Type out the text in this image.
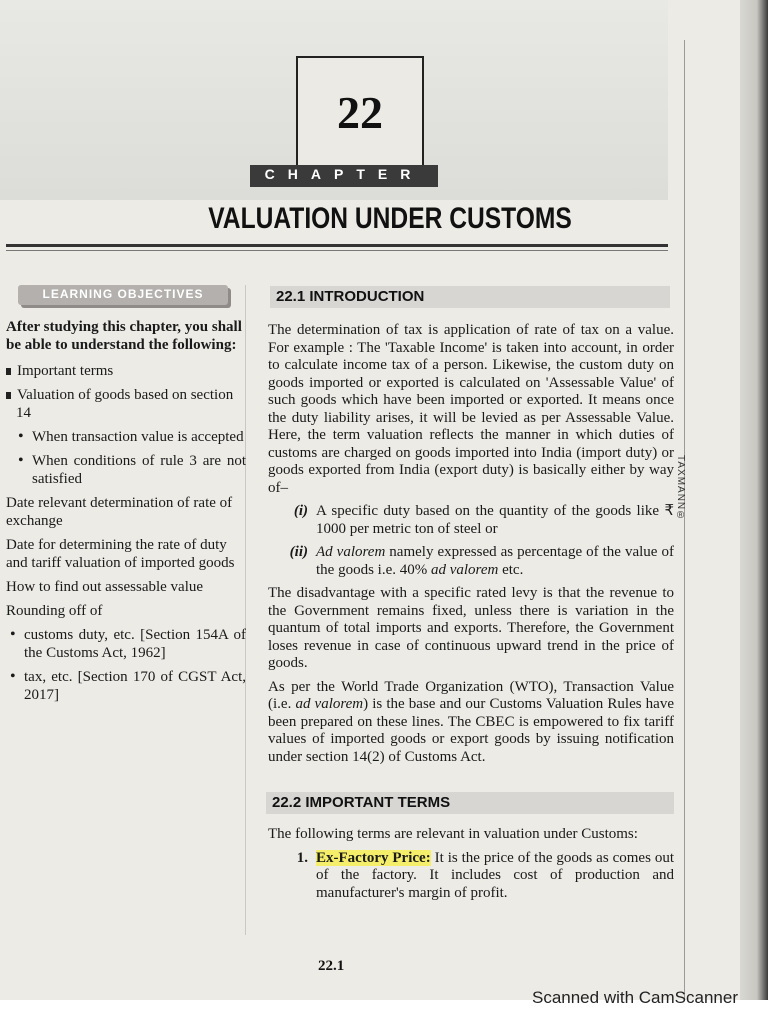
22
CHAPTER
VALUATION UNDER CUSTOMS
LEARNING OBJECTIVES
After studying this chapter, you shall be able to understand the following:
Important terms
Valuation of goods based on section 14
• When transaction value is accepted
• When conditions of rule 3 are not satisfied
Date relevant determination of rate of exchange
Date for determining the rate of duty and tariff valuation of imported goods
How to find out assessable value
Rounding off of
• customs duty, etc. [Section 154A of the Customs Act, 1962]
• tax, etc. [Section 170 of CGST Act, 2017]
22.1 INTRODUCTION

The determination of tax is application of rate of tax on a value. For example : The 'Taxable Income' is taken into account, in order to calculate income tax of a person. Likewise, the custom duty on goods imported or exported is calculated on 'Assessable Value' of such goods which have been imported or exported. It means once the duty liability arises, it will be levied as per Assessable Value. Here, the term valuation reflects the manner in which duties of customs are charged on goods imported into India (import duty) or goods exported from India (export duty) is basically either by way of–

(i) A specific duty based on the quantity of the goods like ₹ 1000 per metric ton of steel or
(ii) Ad valorem namely expressed as percentage of the value of the goods i.e. 40% ad valorem etc.

The disadvantage with a specific rated levy is that the revenue to the Government remains fixed, unless there is variation in the quantum of total imports and exports. Therefore, the Government loses revenue in case of continuous upward trend in the price of goods.

As per the World Trade Organization (WTO), Transaction Value (i.e. ad valorem) is the base and our Customs Valuation Rules have been prepared on these lines. The CBEC is empowered to fix tariff values of imported goods or export goods by issuing notification under section 14(2) of Customs Act.

22.2 IMPORTANT TERMS

The following terms are relevant in valuation under Customs:

1. Ex-Factory Price: It is the price of the goods as comes out of the factory. It includes cost of production and manufacturer's margin of profit.
22.1
TAXMANN®
Scanned with CamScanner
